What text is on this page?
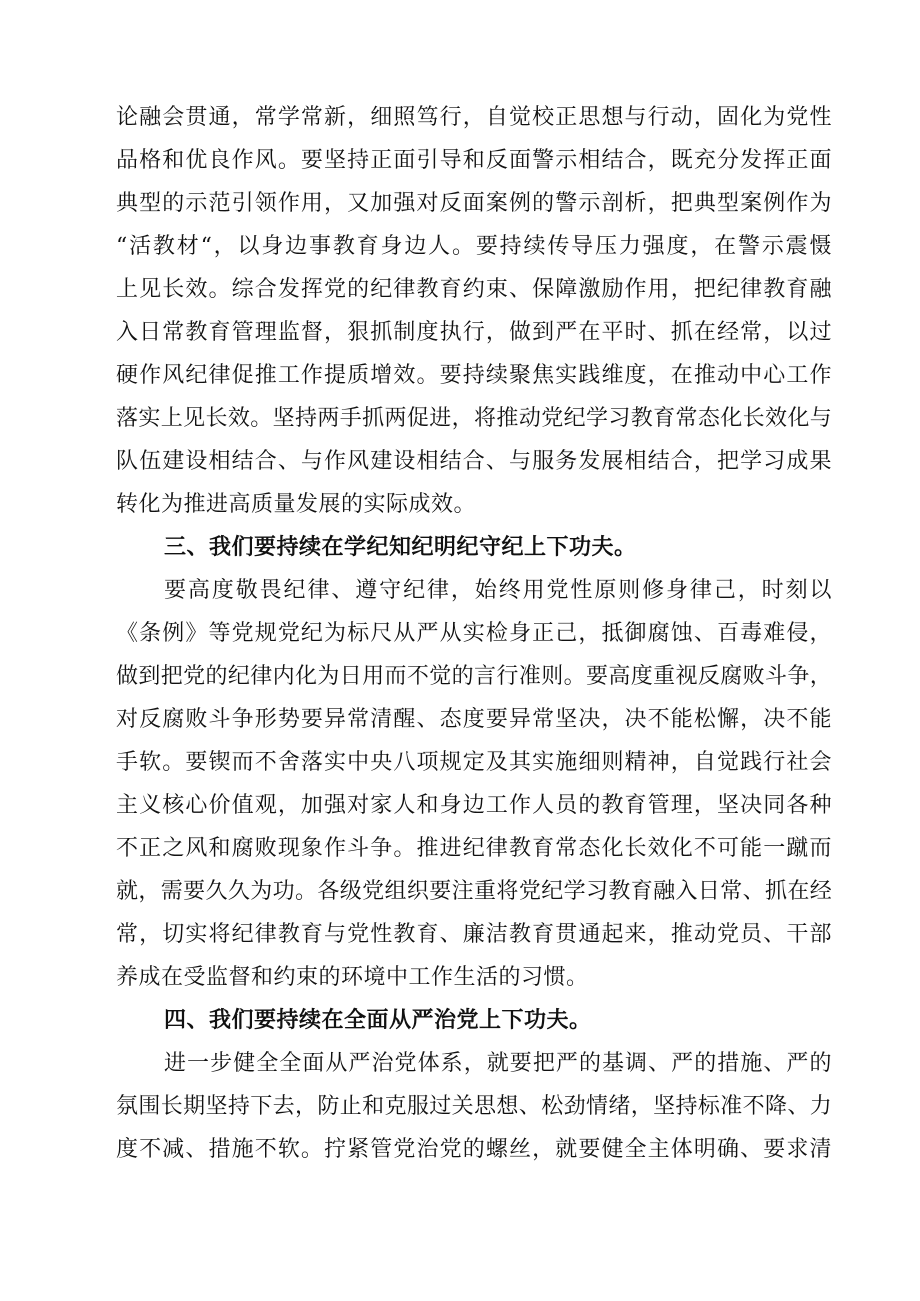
论融会贯通，常学常新，细照笃行，自觉校正思想与行动，固化为党性
品格和优良作风。要坚持正面引导和反面警示相结合，既充分发挥正面
典型的示范引领作用，又加强对反面案例的警示剖析，把典型案例作为
“活教材“，以身边事教育身边人。要持续传导压力强度，在警示震慑
上见长效。综合发挥党的纪律教育约束、保障激励作用，把纪律教育融
入日常教育管理监督，狠抓制度执行，做到严在平时、抓在经常，以过
硬作风纪律促推工作提质增效。要持续聚焦实践维度，在推动中心工作
落实上见长效。坚持两手抓两促进，将推动党纪学习教育常态化长效化与
队伍建设相结合、与作风建设相结合、与服务发展相结合，把学习成果
转化为推进高质量发展的实际成效。
三、我们要持续在学纪知纪明纪守纪上下功夫。
要高度敬畏纪律、遵守纪律，始终用党性原则修身律己，时刻以
《条例》等党规党纪为标尺从严从实检身正己，抵御腐蚀、百毒难侵，
做到把党的纪律内化为日用而不觉的言行准则。要高度重视反腐败斗争，
对反腐败斗争形势要异常清醒、态度要异常坚决，决不能松懈，决不能
手软。要锲而不舍落实中央八项规定及其实施细则精神，自觉践行社会
主义核心价值观，加强对家人和身边工作人员的教育管理，坚决同各种
不正之风和腐败现象作斗争。推进纪律教育常态化长效化不可能一蹴而
就，需要久久为功。各级党组织要注重将党纪学习教育融入日常、抓在经
常，切实将纪律教育与党性教育、廉洁教育贯通起来，推动党员、干部
养成在受监督和约束的环境中工作生活的习惯。
四、我们要持续在全面从严治党上下功夫。
进一步健全全面从严治党体系，就要把严的基调、严的措施、严的
氛围长期坚持下去，防止和克服过关思想、松劲情绪，坚持标准不降、力
度不减、措施不软。拧紧管党治党的螺丝，就要健全主体明确、要求清
